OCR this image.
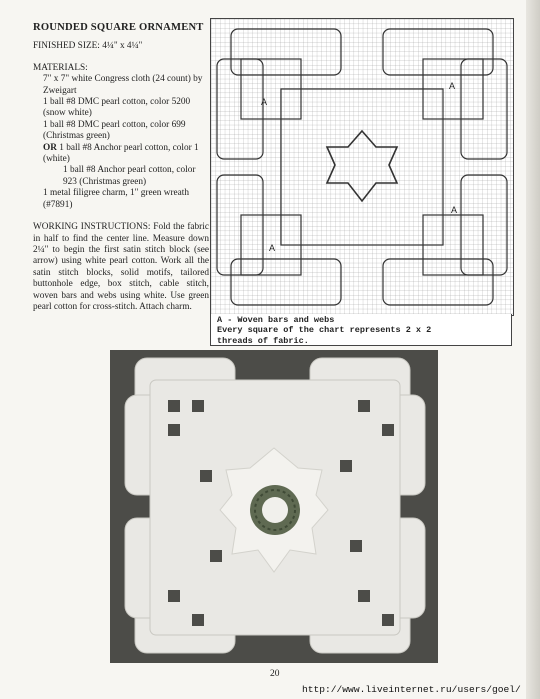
ROUNDED SQUARE ORNAMENT

FINISHED SIZE: 4¼" x 4¼"

MATERIALS:

7" x 7" white Congress cloth (24 count) by Zweigart
1 ball #8 DMC pearl cotton, color 5200 (snow white)
1 ball #8 DMC pearl cotton, color 699 (Christmas green)

OR 1 ball #8 Anchor pearl cotton, color 1 (white)

1 ball #8 Anchor pearl cotton, color 923 (Christmas green)

1 metal filigree charm, 1" green wreath (#7891)

WORKING INSTRUCTIONS: Fold the fabric in half to find the center line. Measure down 2¼" to begin the first satin stitch block (see arrow) using white pearl cotton. Work all the satin stitch blocks, solid motifs, tailored buttonhole edge, box stitch, cable stitch, woven bars and webs using white. Use green pearl cotton for cross-stitch. Attach charm.

A
A
A
A
A - Woven bars and webs
Every square of the chart represents 2 x 2
threads of fabric.
20
http://www.liveinternet.ru/users/goel/
